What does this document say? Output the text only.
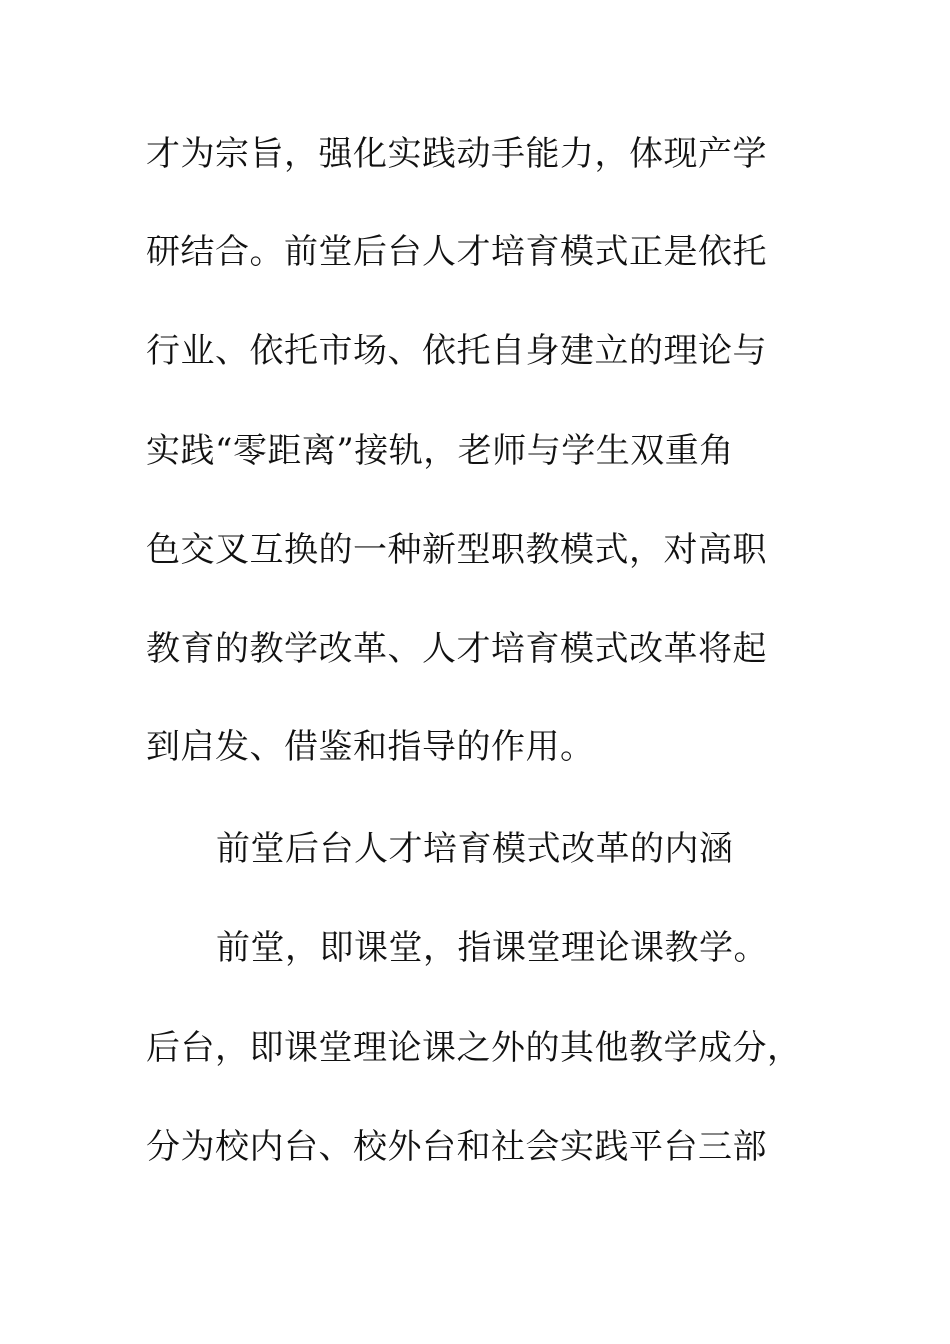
才为宗旨，强化实践动手能力，体现产学
研结合。前堂后台人才培育模式正是依托
行业、依托市场、依托自身建立的理论与
实践“零距离”接轨，老师与学生双重角
色交叉互换的一种新型职教模式，对高职
教育的教学改革、人才培育模式改革将起
到启发、借鉴和指导的作用。
前堂后台人才培育模式改革的内涵
前堂，即课堂，指课堂理论课教学。
后台，即课堂理论课之外的其他教学成分，
分为校内台、校外台和社会实践平台三部
